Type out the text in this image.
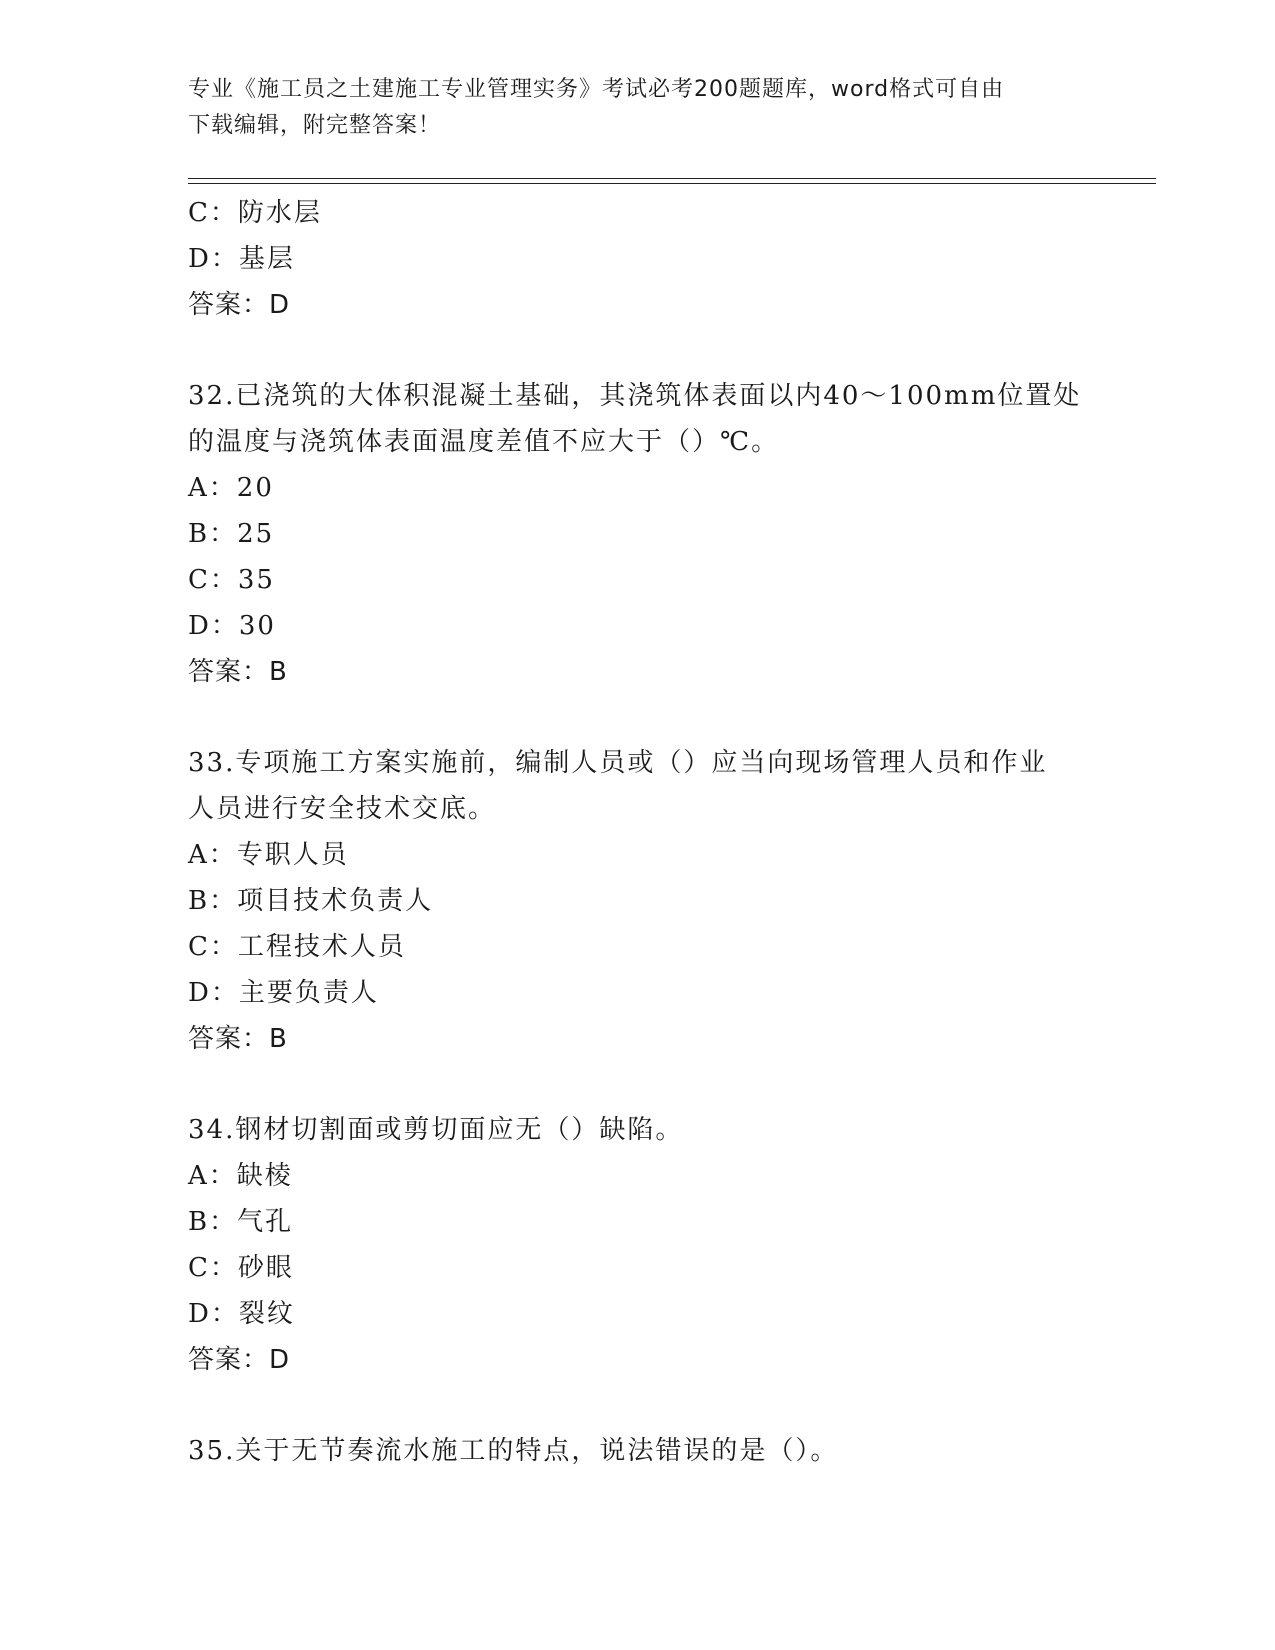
专业《施工员之土建施工专业管理实务》考试必考200题题库，word格式可自由
下载编辑，附完整答案！
C：防水层
D：基层
答案：D
32.已浇筑的大体积混凝土基础，其浇筑体表面以内40～100mm位置处
的温度与浇筑体表面温度差值不应大于（）℃。
A：20
B：25
C：35
D：30
答案：B
33.专项施工方案实施前，编制人员或（）应当向现场管理人员和作业
人员进行安全技术交底。
A：专职人员
B：项目技术负责人
C：工程技术人员
D：主要负责人
答案：B
34.钢材切割面或剪切面应无（）缺陷。
A：缺棱
B：气孔
C：砂眼
D：裂纹
答案：D
35.关于无节奏流水施工的特点，说法错误的是（）。
